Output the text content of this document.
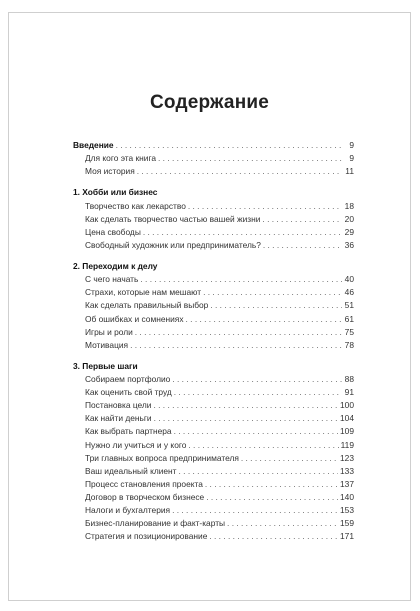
Содержание
Введение . . .	9
Для кого эта книга . . .	9
Моя история . . .	11
1. Хобби или бизнес
Творчество как лекарство . . .	18
Как сделать творчество частью вашей жизни . . .	20
Цена свободы . . .	29
Свободный художник или предприниматель? . . .	36
2. Переходим к делу
С чего начать . . .	40
Страхи, которые нам мешают . . .	46
Как сделать правильный выбор . . .	51
Об ошибках и сомнениях . . .	61
Игры и роли . . .	75
Мотивация . . .	78
3. Первые шаги
Собираем портфолио . . .	88
Как оценить свой труд . . .	91
Постановка цели . . .	100
Как найти деньги . . .	104
Как выбрать партнера . . .	109
Нужно ли учиться и у кого . . .	119
Три главных вопроса предпринимателя . . .	123
Ваш идеальный клиент . . .	133
Процесс становления проекта . . .	137
Договор в творческом бизнесе . . .	140
Налоги и бухгалтерия . . .	153
Бизнес-планирование и факт-карты . . .	159
Стратегия и позиционирование . . .	171
